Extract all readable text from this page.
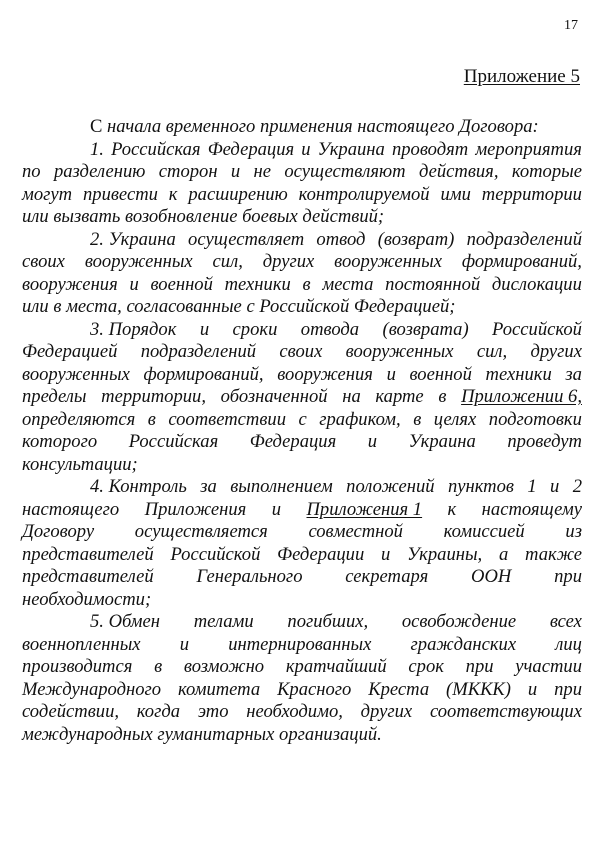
17
Приложение 5
С начала временного применения настоящего Договора:
1. Российская Федерация и Украина проводят мероприятия
по разделению сторон и не осуществляют действия, которые
могут привести к расширению контролируемой ими территории
или вызвать возобновление боевых действий;
2. Украина осуществляет отвод (возврат) подразделений
своих вооруженных сил, других вооруженных формирований,
вооружения и военной техники в места постоянной дислокации
или в места, согласованные с Российской Федерацией;
3. Порядок и сроки отвода (возврата) Российской
Федерацией подразделений своих вооруженных сил, других
вооруженных формирований, вооружения и военной техники за
пределы территории, обозначенной на карте в Приложении 6,
определяются в соответствии с графиком, в целях подготовки
которого Российская Федерация и Украина проведут
консультации;
4. Контроль за выполнением положений пунктов 1 и 2
настоящего Приложения и Приложения 1 к настоящему
Договору осуществляется совместной комиссией из
представителей Российской Федерации и Украины, а также
представителей Генерального секретаря ООН при
необходимости;
5. Обмен телами погибших, освобождение всех
военнопленных и интернированных гражданских лиц
производится в возможно кратчайший срок при участии
Международного комитета Красного Креста (МККК) и при
содействии, когда это необходимо, других соответствующих
международных гуманитарных организаций.
